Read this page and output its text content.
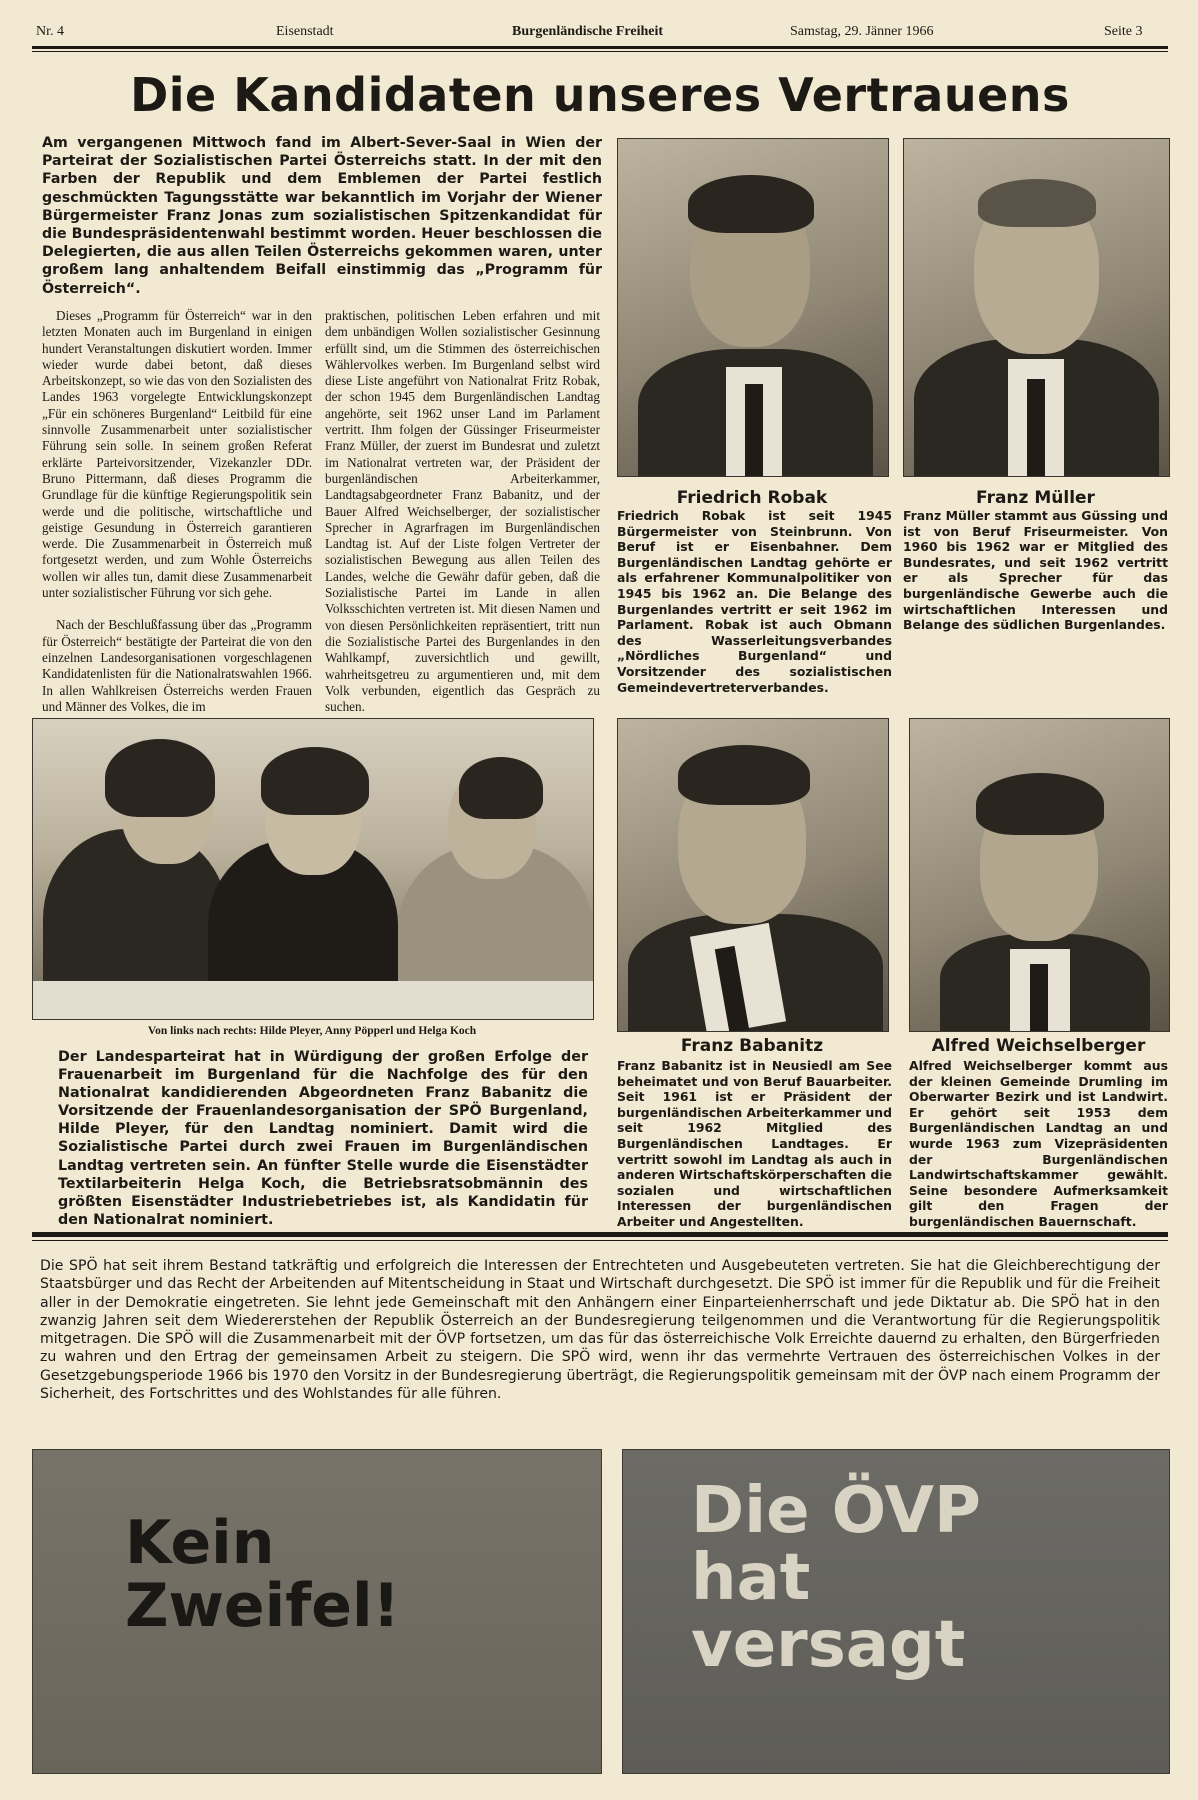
Nr. 4	Eisenstadt	Burgenländische Freiheit	Samstag, 29. Jänner 1966	Seite 3
Die Kandidaten unseres Vertrauens
Am vergangenen Mittwoch fand im Albert-Sever-Saal in Wien der Parteirat der Sozialistischen Partei Österreichs statt. In der mit den Farben der Republik und dem Emblemen der Partei festlich geschmückten Tagungsstätte war bekanntlich im Vorjahr der Wiener Bürgermeister Franz Jonas zum sozialistischen Spitzenkandidat für die Bundespräsidentenwahl bestimmt worden. Heuer beschlossen die Delegierten, die aus allen Teilen Österreichs gekommen waren, unter großem lang anhaltendem Beifall einstimmig das „Programm für Österreich“.

Dieses „Programm für Österreich“ war in den letzten Monaten auch im Burgenland in einigen hundert Veranstaltungen diskutiert worden. Immer wieder wurde dabei betont, daß dieses Arbeitskonzept, so wie das von den Sozialisten des Landes 1963 vorgelegte Entwicklungskonzept „Für ein schöneres Burgenland“ Leitbild für eine sinnvolle Zusammenarbeit unter sozialistischer Führung sein solle. In seinem großen Referat erklärte Parteivorsitzender, Vizekanzler DDr. Bruno Pittermann, daß dieses Programm die Grundlage für die künftige Regierungspolitik sein werde und die politische, wirtschaftliche und geistige Gesundung in Österreich garantieren werde. Die Zusammenarbeit in Österreich muß fortgesetzt werden, und zum Wohle Österreichs wollen wir alles tun, damit diese Zusammenarbeit unter sozialistischer Führung vor sich gehe.

Nach der Beschlußfassung über das „Programm für Österreich“ bestätigte der Parteirat die von den einzelnen Landesorganisationen vorgeschlagenen Kandidatenlisten für die Nationalratswahlen 1966. In allen Wahlkreisen Österreichs werden Frauen und Männer des Volkes, die im

praktischen, politischen Leben erfahren und mit dem unbändigen Wollen sozialistischer Gesinnung erfüllt sind, um die Stimmen des österreichischen Wählervolkes werben. Im Burgenland selbst wird diese Liste angeführt von Nationalrat Fritz Robak, der schon 1945 dem Burgenländischen Landtag angehörte, seit 1962 unser Land im Parlament vertritt. Ihm folgen der Güssinger Friseurmeister Franz Müller, der zuerst im Bundesrat und zuletzt im Nationalrat vertreten war, der Präsident der burgenländischen Arbeiterkammer, Landtagsabgeordneter Franz Babanitz, und der Bauer Alfred Weichselberger, der sozialistischer Sprecher in Agrarfragen im Burgenländischen Landtag ist. Auf der Liste folgen Vertreter der sozialistischen Bewegung aus allen Teilen des Landes, welche die Gewähr dafür geben, daß die Sozialistische Partei im Lande in allen Volksschichten vertreten ist. Mit diesen Namen und von diesen Persönlichkeiten repräsentiert, tritt nun die Sozialistische Partei des Burgenlandes in den Wahlkampf, zuversichtlich und gewillt, wahrheitsgetreu zu argumentieren und, mit dem Volk verbunden, eigentlich das Gespräch zu suchen.

Friedrich Robak
Friedrich Robak ist seit 1945 Bürgermeister von Steinbrunn. Von Beruf ist er Eisenbahner. Dem Burgenländischen Landtag gehörte er als erfahrener Kommunalpolitiker von 1945 bis 1962 an. Die Belange des Burgenlandes vertritt er seit 1962 im Parlament. Robak ist auch Obmann des Wasserleitungsverbandes „Nördliches Burgenland“ und Vorsitzender des sozialistischen Gemeindevertreterverbandes.
Franz Müller
Franz Müller stammt aus Güssing und ist von Beruf Friseurmeister. Von 1960 bis 1962 war er Mitglied des Bundesrates, und seit 1962 vertritt er als Sprecher für das burgenländische Gewerbe auch die wirtschaftlichen Interessen und Belange des südlichen Burgenlandes.
Von links nach rechts: Hilde Pleyer, Anny Pöpperl und Helga Koch
Der Landesparteirat hat in Würdigung der großen Erfolge der Frauenarbeit im Burgenland für die Nachfolge des für den Nationalrat kandidierenden Abgeordneten Franz Babanitz die Vorsitzende der Frauenlandesorganisation der SPÖ Burgenland, Hilde Pleyer, für den Landtag nominiert. Damit wird die Sozialistische Partei durch zwei Frauen im Burgenländischen Landtag vertreten sein. An fünfter Stelle wurde die Eisenstädter Textilarbeiterin Helga Koch, die Betriebsratsobmännin des größten Eisenstädter Industriebetriebes ist, als Kandidatin für den Nationalrat nominiert.
Franz Babanitz
Franz Babanitz ist in Neusiedl am See beheimatet und von Beruf Bauarbeiter. Seit 1961 ist er Präsident der burgenländischen Arbeiterkammer und seit 1962 Mitglied des Burgenländischen Landtages. Er vertritt sowohl im Landtag als auch in anderen Wirtschaftskörperschaften die sozialen und wirtschaftlichen Interessen der burgenländischen Arbeiter und Angestellten.
Alfred Weichselberger
Alfred Weichselberger kommt aus der kleinen Gemeinde Drumling im Oberwarter Bezirk und ist Landwirt. Er gehört seit 1953 dem Burgenländischen Landtag an und wurde 1963 zum Vizepräsidenten der Burgenländischen Landwirtschaftskammer gewählt. Seine besondere Aufmerksamkeit gilt den Fragen der burgenländischen Bauernschaft.
Die SPÖ hat seit ihrem Bestand tatkräftig und erfolgreich die Interessen der Entrechteten und Ausgebeuteten vertreten. Sie hat die Gleichberechtigung der Staatsbürger und das Recht der Arbeitenden auf Mitentscheidung in Staat und Wirtschaft durchgesetzt. Die SPÖ ist immer für die Republik und für die Freiheit aller in der Demokratie eingetreten. Sie lehnt jede Gemeinschaft mit den Anhängern einer Einparteienherrschaft und jede Diktatur ab. Die SPÖ hat in den zwanzig Jahren seit dem Wiedererstehen der Republik Österreich an der Bundesregierung teilgenommen und die Verantwortung für die Regierungspolitik mitgetragen. Die SPÖ will die Zusammenarbeit mit der ÖVP fortsetzen, um das für das österreichische Volk Erreichte dauernd zu erhalten, den Bürgerfrieden zu wahren und den Ertrag der gemeinsamen Arbeit zu steigern. Die SPÖ wird, wenn ihr das vermehrte Vertrauen des österreichischen Volkes in der Gesetzgebungsperiode 1966 bis 1970 den Vorsitz in der Bundesregierung überträgt, die Regierungspolitik gemeinsam mit der ÖVP nach einem Programm der Sicherheit, des Fortschrittes und des Wohlstandes für alle führen.
Kein
Zweifel!
Die ÖVP
hat
versagt
